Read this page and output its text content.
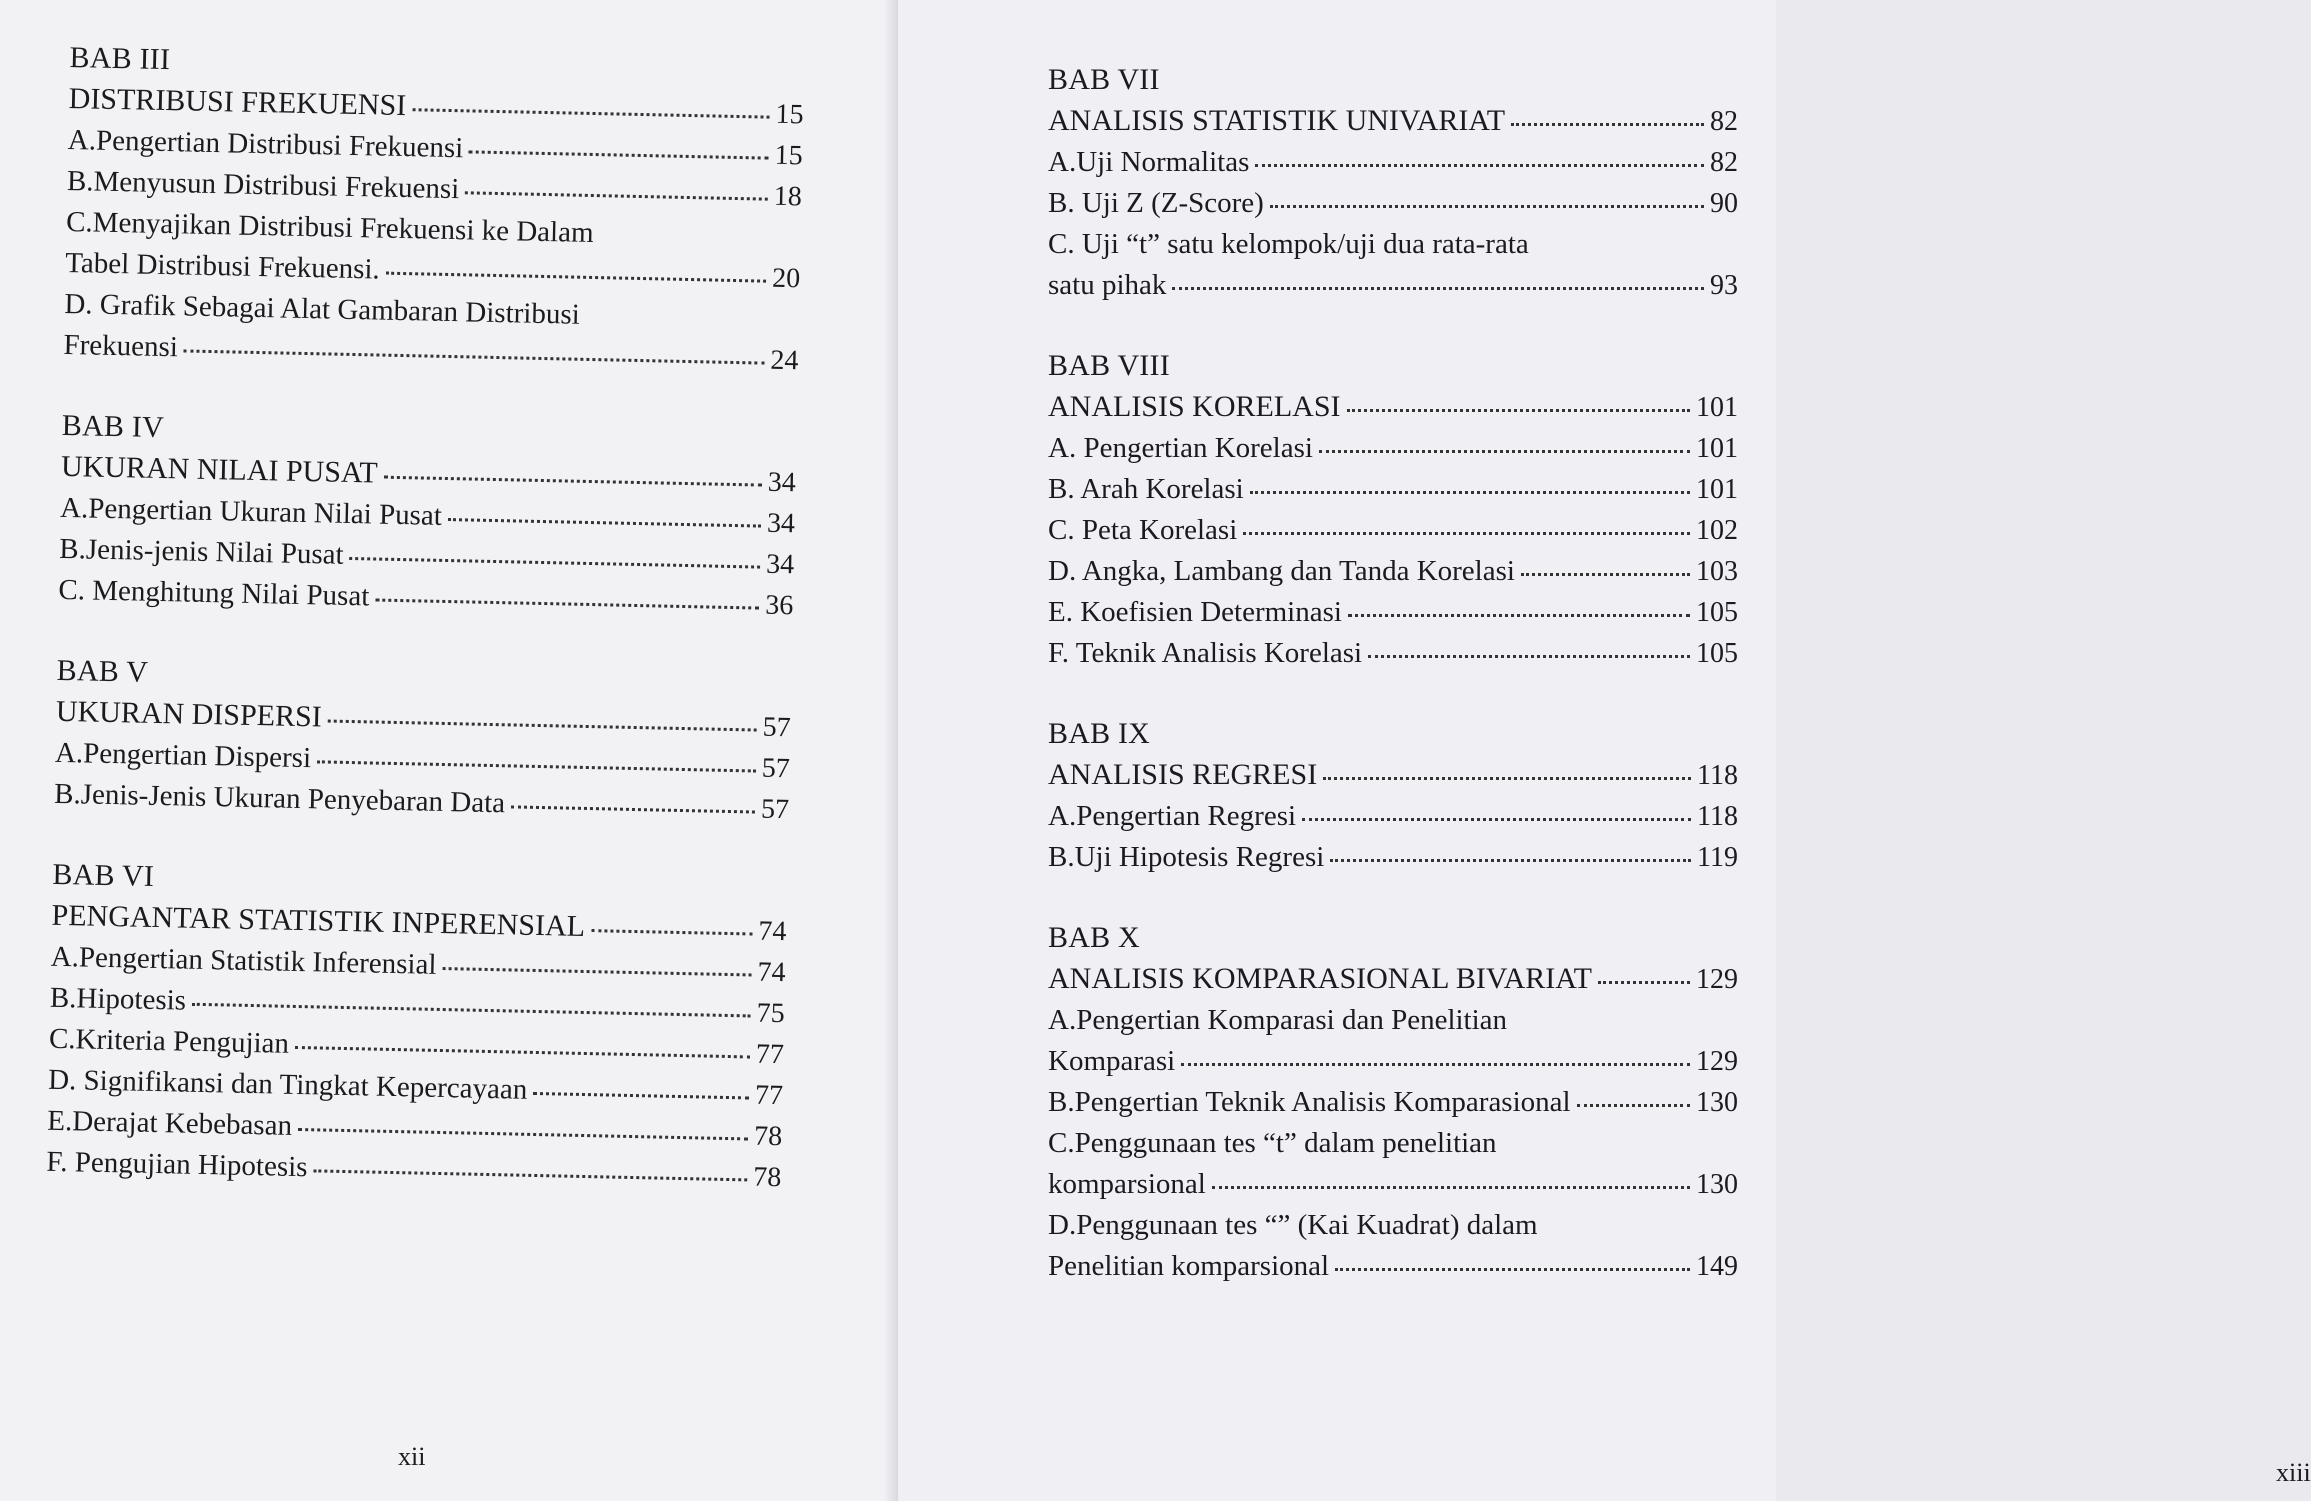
BAB III
DISTRIBUSI FREKUENSI	15
A.Pengertian Distribusi Frekuensi	15
B.Menyusun Distribusi Frekuensi	18
C.Menyajikan Distribusi Frekuensi ke Dalam
Tabel Distribusi Frekuensi.	20
D. Grafik Sebagai Alat Gambaran Distribusi
Frekuensi	24
BAB IV
UKURAN NILAI PUSAT	34
A.Pengertian Ukuran Nilai Pusat	34
B.Jenis-jenis Nilai Pusat	34
C. Menghitung Nilai Pusat	36
BAB V
UKURAN DISPERSI	57
A.Pengertian Dispersi	57
B.Jenis-Jenis Ukuran Penyebaran Data	57
BAB VI
PENGANTAR STATISTIK INPERENSIAL	74
A.Pengertian Statistik Inferensial	74
B.Hipotesis	75
C.Kriteria Pengujian	77
D. Signifikansi dan Tingkat Kepercayaan	77
E.Derajat Kebebasan	78
F. Pengujian Hipotesis	78
xii
BAB VII
ANALISIS STATISTIK UNIVARIAT	82
A.Uji Normalitas	82
B. Uji Z (Z-Score)	90
C. Uji “t” satu kelompok/uji dua rata-rata
satu pihak	93
BAB VIII
ANALISIS KORELASI	101
A. Pengertian Korelasi	101
B. Arah Korelasi	101
C. Peta Korelasi	102
D. Angka, Lambang dan Tanda Korelasi	103
E. Koefisien Determinasi	105
F. Teknik Analisis Korelasi	105
BAB IX
ANALISIS REGRESI	118
A.Pengertian Regresi	118
B.Uji Hipotesis Regresi	119
BAB X
ANALISIS KOMPARASIONAL BIVARIAT	129
A.Pengertian Komparasi dan Penelitian
Komparasi	129
B.Pengertian Teknik Analisis Komparasional	130
C.Penggunaan tes “t” dalam penelitian
komparsional	130
D.Penggunaan tes “” (Kai Kuadrat) dalam
Penelitian komparsional	149
xiii
